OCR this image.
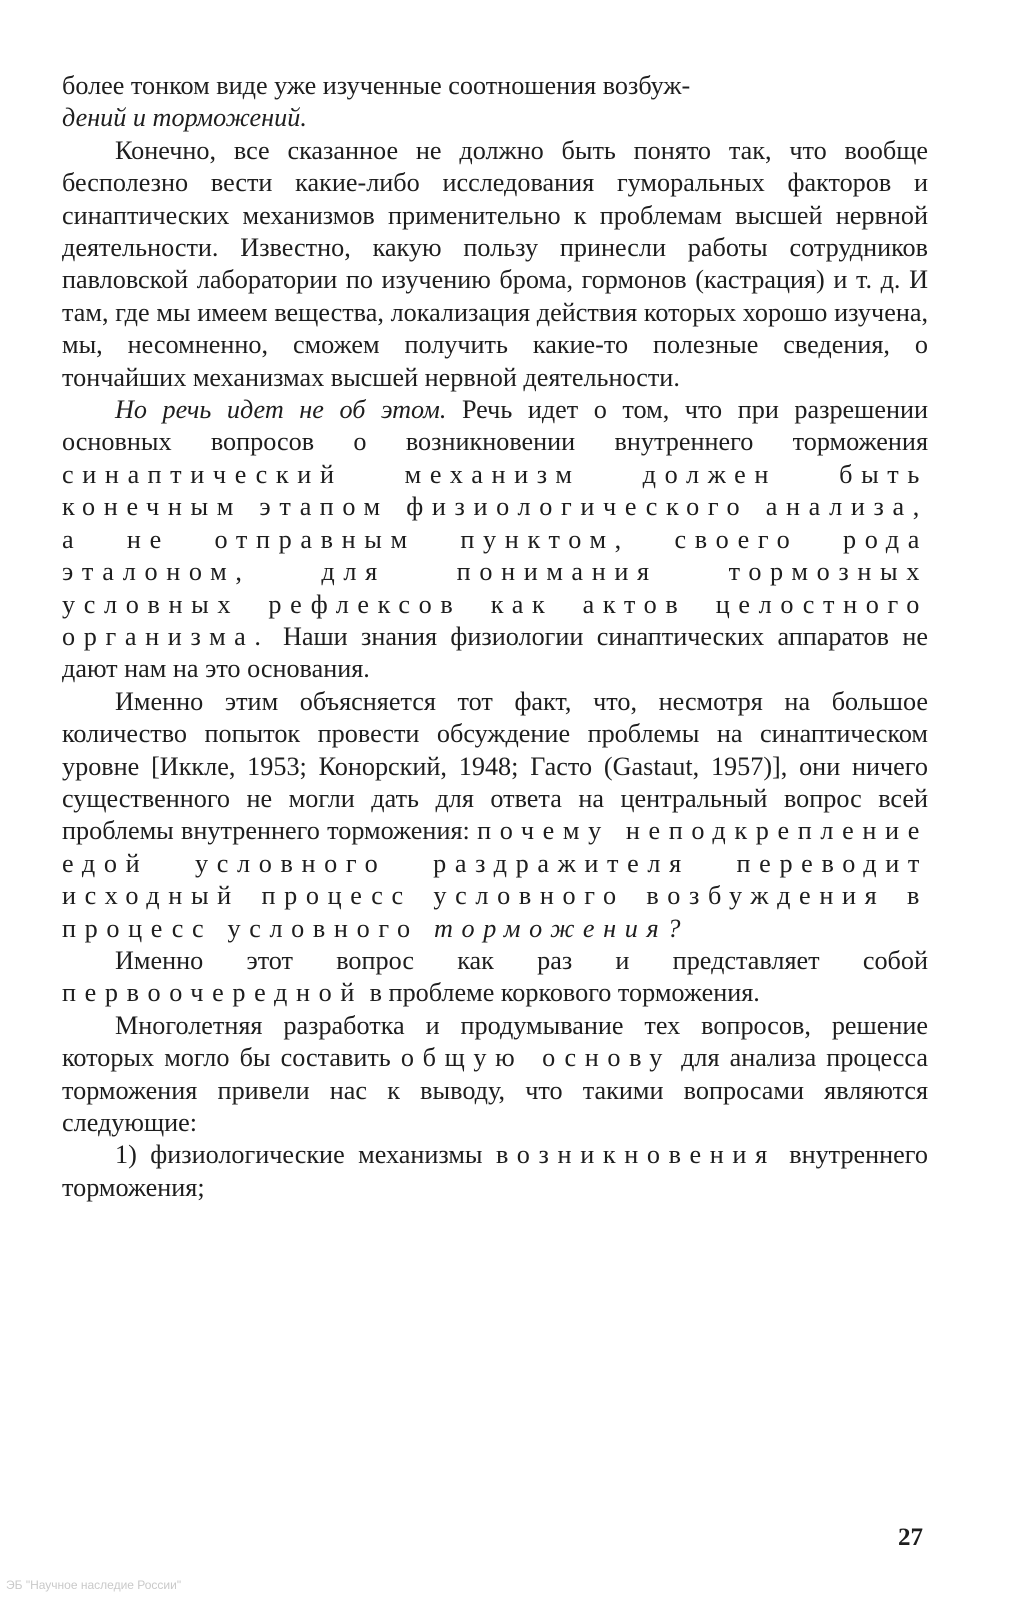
более тонком виде уже изученные соотношения возбуж-
дений и торможений.

Конечно, все сказанное не должно быть понято так, что вообще бесполезно вести какие-либо исследования гуморальных факторов и синаптических механизмов применительно к проблемам высшей нервной деятельности. Известно, какую пользу принесли работы сотрудников павловской лаборатории по изучению брома, гормонов (кастрация) и т. д. И там, где мы имеем вещества, локализация действия которых хорошо изучена, мы, несомненно, сможем получить какие-то полезные сведения, о тончайших механизмах высшей нервной деятельности.

Но речь идет не об этом. Речь идет о том, что при разрешении основных вопросов о возникновении внутреннего торможения синаптический механизм должен быть конечным этапом физиологического анализа, а не отправным пунктом, своего рода эталоном, для понимания тормозных условных рефлексов как актов целостного организма. Наши знания физиологии синаптических аппаратов не дают нам на это основания.

Именно этим объясняется тот факт, что, несмотря на большое количество попыток провести обсуждение проблемы на синаптическом уровне [Иккле, 1953; Конорский, 1948; Гасто (Gastaut, 1957)], они ничего существенного не могли дать для ответа на центральный вопрос всей проблемы внутреннего торможения: почему неподкрепление едой условного раздражителя переводит исходный процесс условного возбуждения в процесс условного торможения?

Именно этот вопрос как раз и представляет собой первоочередной в проблеме коркового торможения.

Многолетняя разработка и продумывание тех вопросов, решение которых могло бы составить общую основу для анализа процесса торможения привели нас к выводу, что такими вопросами являются следующие:

1) физиологические механизмы возникновения внутреннего торможения;

27
ЭБ "Научное наследие России"
